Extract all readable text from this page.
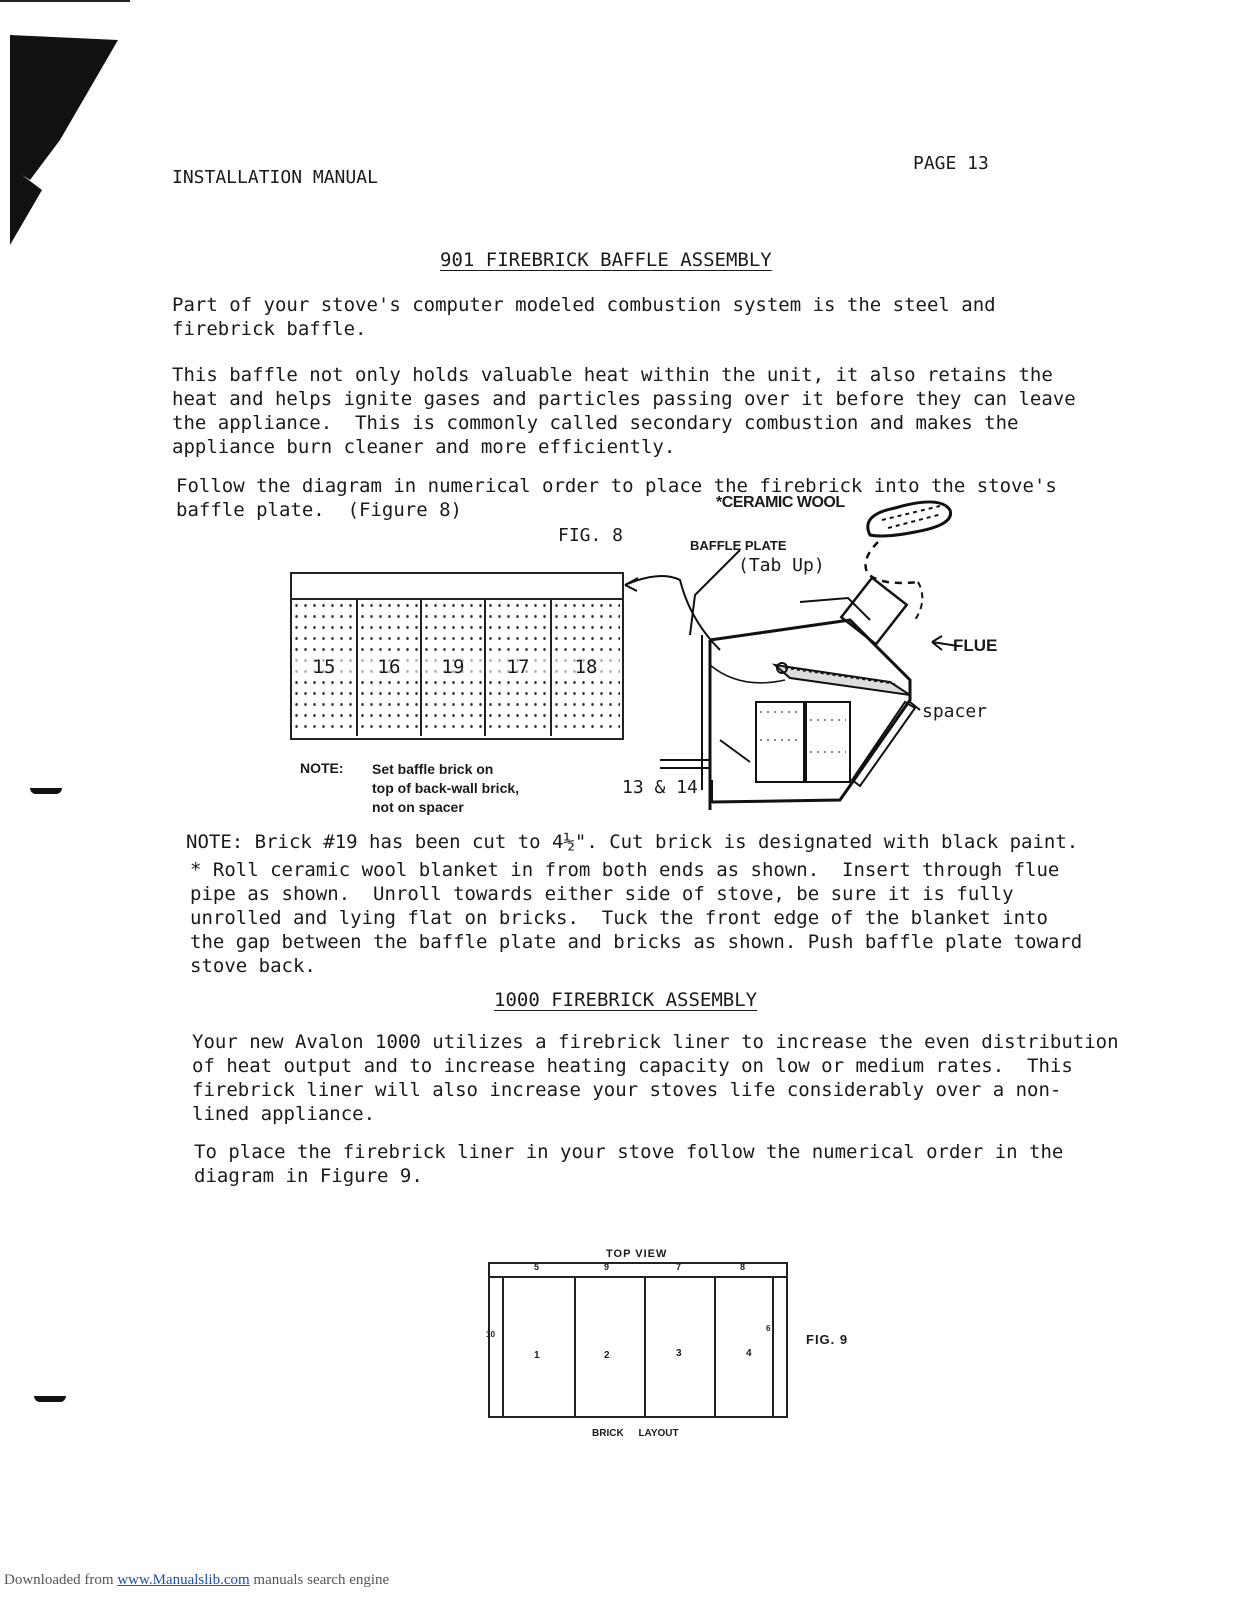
INSTALLATION MANUAL
PAGE 13
901 FIREBRICK BAFFLE ASSEMBLY
Part of your stove's computer modeled combustion system is the steel and
firebrick baffle.
This baffle not only holds valuable heat within the unit, it also retains the
heat and helps ignite gases and particles passing over it before they can leave
the appliance.  This is commonly called secondary combustion and makes the
appliance burn cleaner and more efficiently.
Follow the diagram in numerical order to place the firebrick into the stove's
baffle plate.  (Figure 8)
FIG. 8
*CERAMIC WOOL
BAFFLE PLATE
(Tab Up)
FLUE
spacer
13 & 14
15	16	19	17	18
NOTE: Set baffle brick on
top of back-wall brick,
not on spacer
NOTE: Brick #19 has been cut to 4½". Cut brick is designated with black paint.
* Roll ceramic wool blanket in from both ends as shown.  Insert through flue
pipe as shown.  Unroll towards either side of stove, be sure it is fully
unrolled and lying flat on bricks.  Tuck the front edge of the blanket into
the gap between the baffle plate and bricks as shown. Push baffle plate toward
stove back.
1000 FIREBRICK ASSEMBLY
Your new Avalon 1000 utilizes a firebrick liner to increase the even distribution
of heat output and to increase heating capacity on low or medium rates.  This
firebrick liner will also increase your stoves life considerably over a non-
lined appliance.
To place the firebrick liner in your stove follow the numerical order in the
diagram in Figure 9.
TOP VIEW
5	9	7	8
10
6
1	2	3	4
FIG. 9
BRICK LAYOUT
Downloaded from www.Manualslib.com manuals search engine
